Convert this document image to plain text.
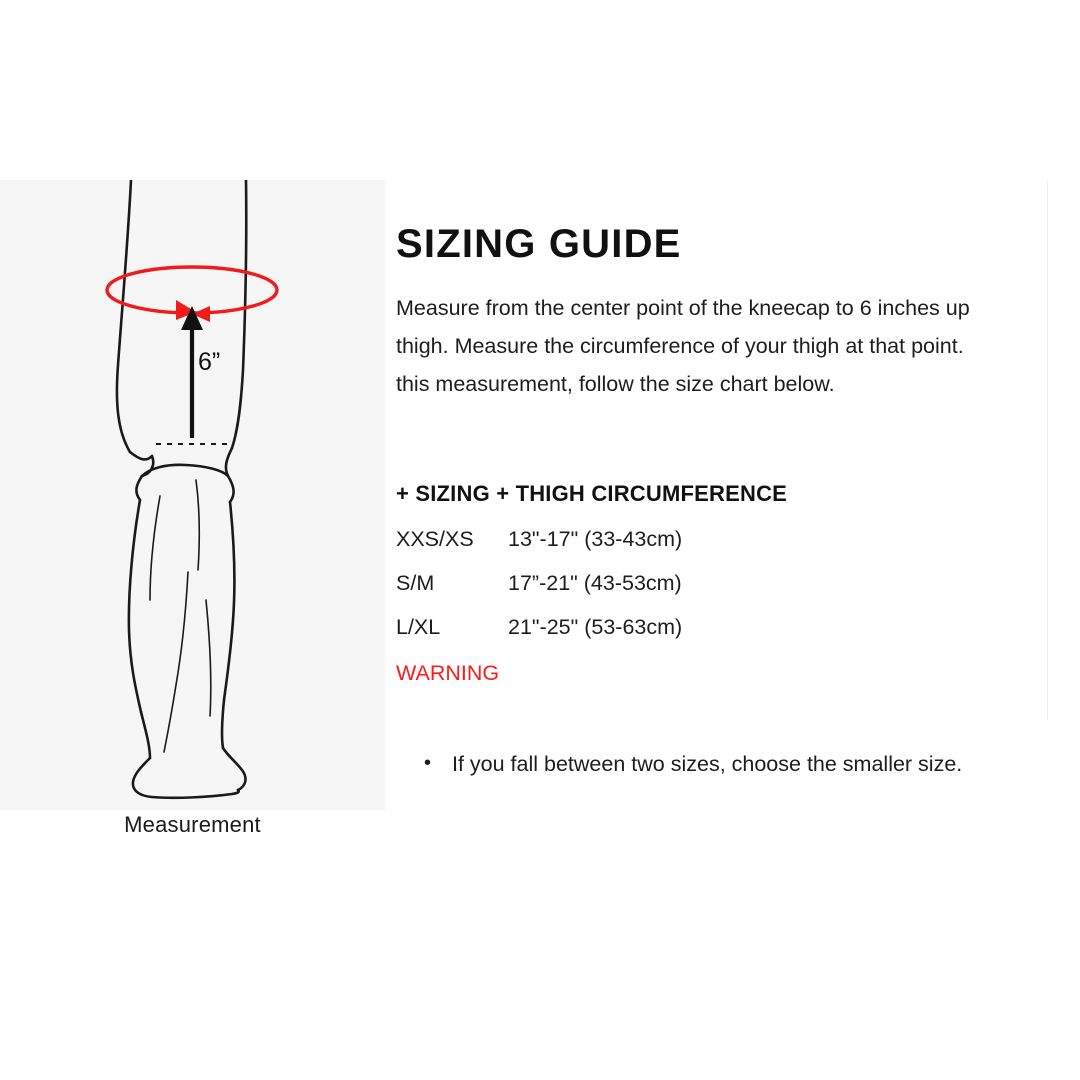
6”
Measurement
SIZING GUIDE

Measure from the center point of the kneecap to 6 inches up
thigh. Measure the circumference of your thigh at that point.
this measurement, follow the size chart below.

+ SIZING + THIGH CIRCUMFERENCE
XXS/XS	13"-17" (33-43cm)
S/M	17”-21" (43-53cm)
L/XL	21"-25" (53-63cm)
WARNING
• If you fall between two sizes, choose the smaller size.
